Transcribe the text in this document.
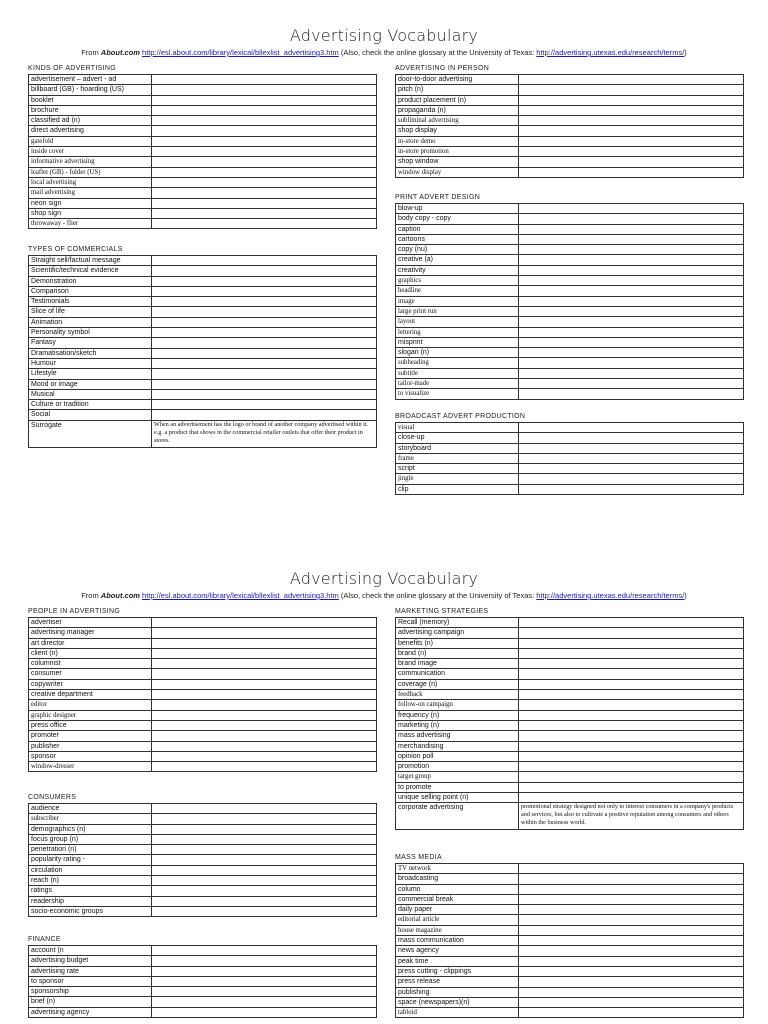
Advertising Vocabulary
From About.com http://esl.about.com/library/lexical/bllexlist_advertising3.htm (Also, check the online glossary at the University of Texas: http://advertising.utexas.edu/research/terms/)
KINDS OF ADVERTISING
advertisement – advert - ad	
billboard (GB) - hoarding (US)	
booklet	
brochure	
classified ad (n)	
direct advertising	
gatefold	
inside cover	
informative advertising	
leaflet (GB) - folder (US)	
local advertising	
mail advertising	
neon sign	
shop sign	
throwaway - flier	
TYPES OF COMMERCIALS
Straight sell/factual message	
Scientific/technical evidence	
Demonstration	
Comparison	
Testimonials	
Slice of life	
Animation	
Personality symbol	
Fantasy	
Dramatisation/sketch	
Humour	
Lifestyle	
Mood or image	
Musical	
Culture or tradition	
Social	
Surrogate	When an advertisement has the logo or brand of another company advertised within it. e.g. a product that shows in the commercial retailer outlets that offer their product in stores.
ADVERTISING IN PERSON
door-to-door advertising	
pitch (n)	
product placement (n)	
propaganda (n)	
subliminal advertising	
shop display	
in-store demo	
in-store promotion	
shop window	
window display	
PRINT ADVERT DESIGN
blow-up	
body copy - copy	
caption	
cartoons	
copy (nu)	
creative (a)	
creativity	
graphics	
headline	
image	
large print run	
layout	
lettering	
misprint	
slogan (n)	
subheading	
subtitle	
tailor-made	
to visualize	
BROADCAST ADVERT PRODUCTION
visual	
close-up	
storyboard	
frame	
script	
jingle	
clip	
Advertising Vocabulary
From About.com http://esl.about.com/library/lexical/bllexlist_advertising3.htm (Also, check the online glossary at the University of Texas: http://advertising.utexas.edu/research/terms/)
PEOPLE IN ADVERTISING
advertiser	
advertising manager	
art director	
client (n)	
columnist	
consumer	
copywriter	
creative department	
editor	
graphic designer	
press office	
promoter	
publisher	
sponsor	
window-dresser	
CONSUMERS
audience	
subscriber	
demographics (n)	
focus group (n)	
penetration (n)	
popularity rating -	
circulation	
reach (n)	
ratings	
readership	
socio-economic groups	
FINANCE
account (n	
advertising budget	
advertising rate	
to sponsor	
sponsorship	
brief (n)	
advertising agency	
MARKETING STRATEGIES
Recall (memory)	
advertising campaign	
benefits (n)	
brand (n)	
brand image	
communication	
coverage (n)	
feedback	
follow-on campaign	
frequency (n)	
marketing (n)	
mass advertising	
merchandising	
opinion poll	
promotion	
target group	
to promote	
unique selling point (n)	
corporate advertising	promotional strategy designed not only to interest consumers in a company's products and services, but also to cultivate a positive reputation among consumers and others within the business world.
MASS MEDIA
TV network	
broadcasting	
column	
commercial break	
daily paper	
editorial article	
house magazine	
mass communication	
news agency	
peak time	
press cutting - clippings	
press release	
publishing	
space (newspapers)(n)	
tabloid	
